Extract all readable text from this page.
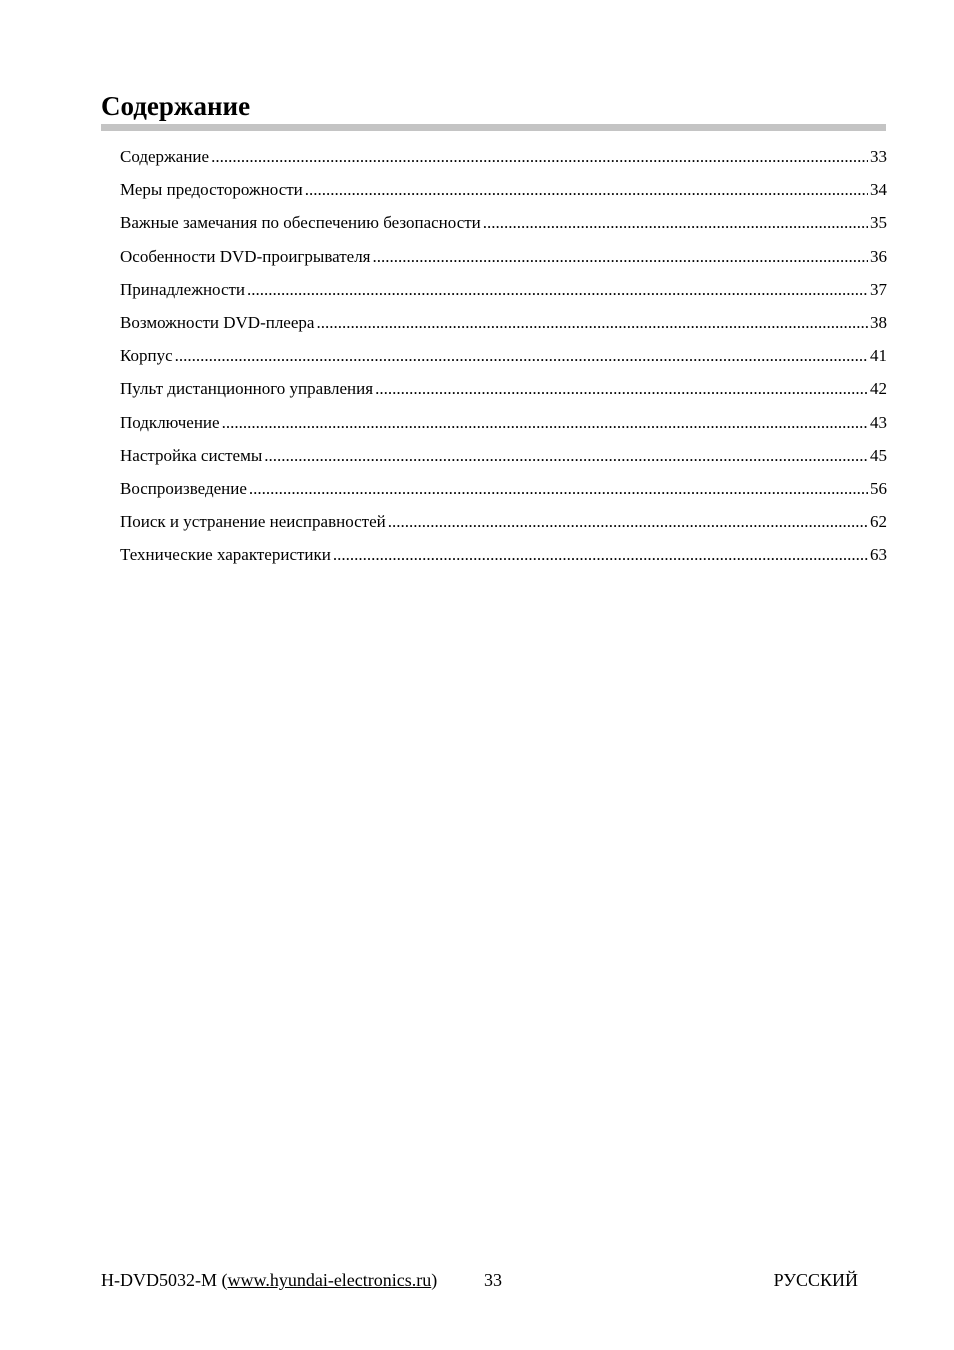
Содержание
Содержание .....	33
Меры предосторожности .....	34
Важные замечания по обеспечению безопасности .....	35
Особенности DVD-проигрывателя .....	36
Принадлежности .....	37
Возможности DVD-плеера .....	38
Корпус .....	41
Пульт дистанционного управления .....	42
Подключение .....	43
Настройка системы .....	45
Воспроизведение .....	56
Поиск и устранение неисправностей .....	62
Технические характеристики .....	63
H-DVD5032-M (www.hyundai-electronics.ru)	33	РУССКИЙ
